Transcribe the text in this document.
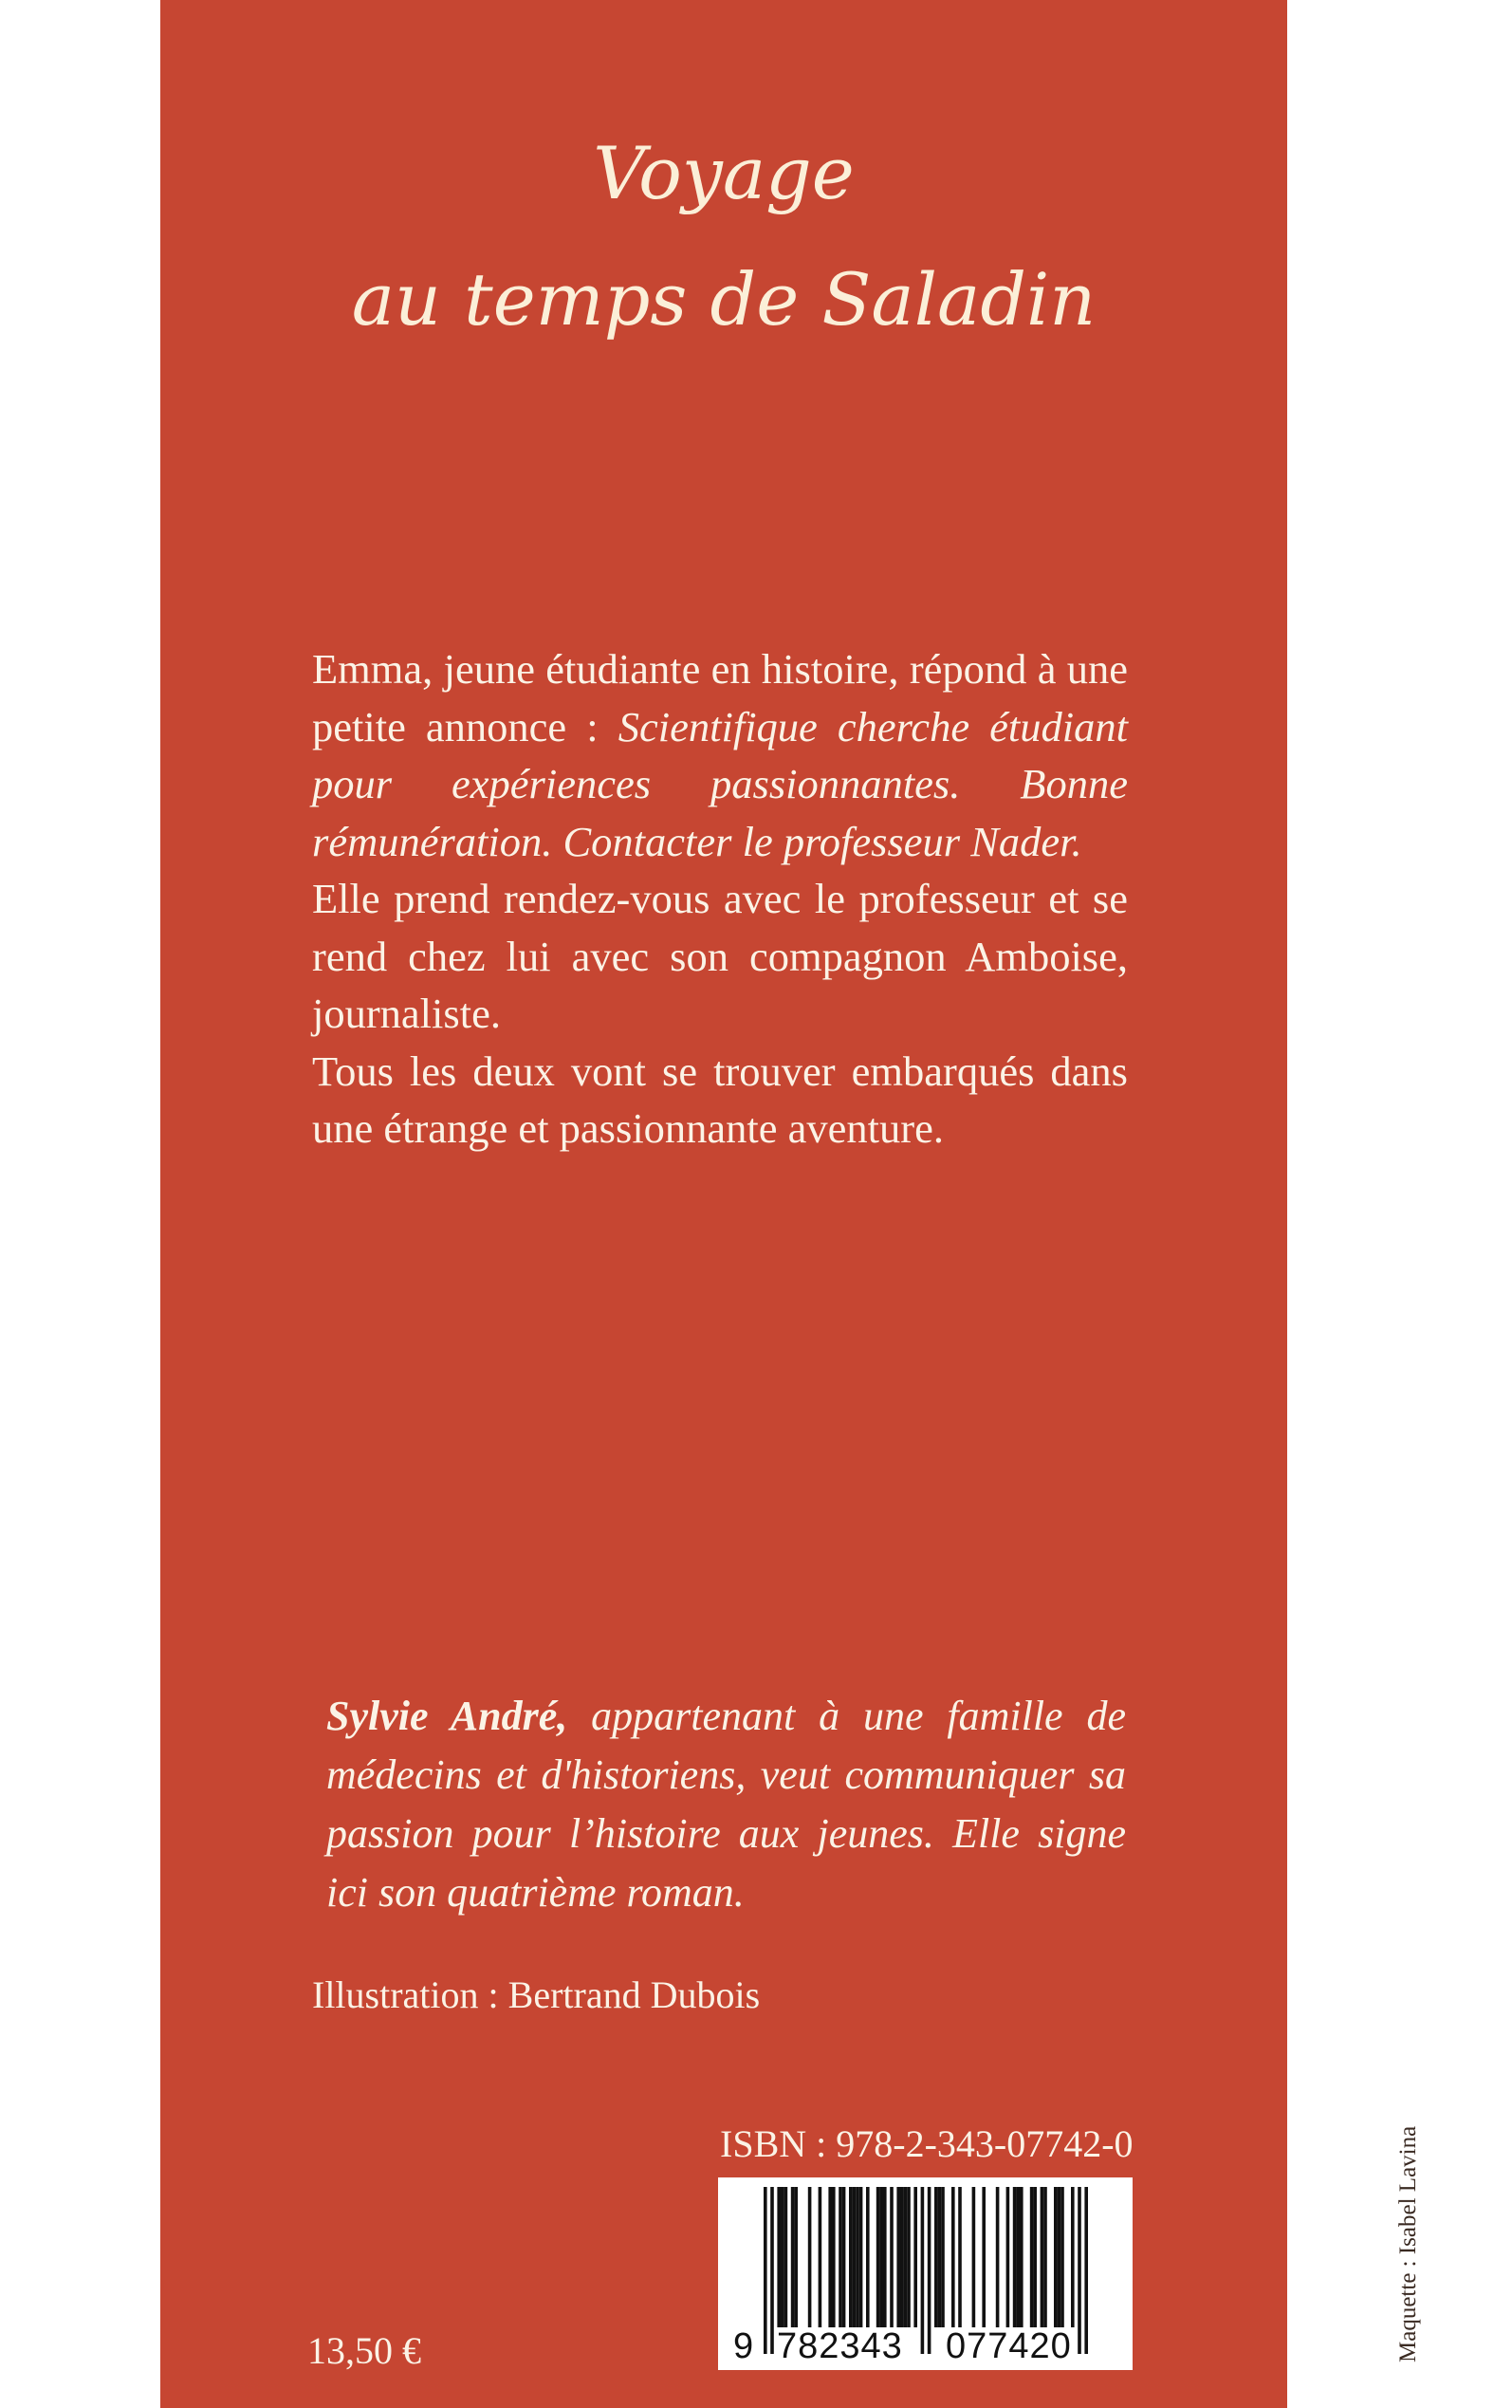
Voyage
au temps de Saladin

Emma, jeune étudiante en histoire, répond à une petite annonce : Scientifique cherche étudiant pour expériences passionnantes. Bonne rémunération. Contacter le professeur Nader.

Elle prend rendez-vous avec le professeur et se rend chez lui avec son compagnon Amboise, journaliste.

Tous les deux vont se trouver embarqués dans une étrange et passionnante aventure.

Sylvie André, appartenant à une famille de médecins et d'historiens, veut communiquer sa passion pour l’histoire aux jeunes. Elle signe ici son quatrième roman.

Illustration : Bertrand Dubois

ISBN : 978-2-343-07742-0
9 782343 077420
13,50 €	Maquette : Isabel Lavina
